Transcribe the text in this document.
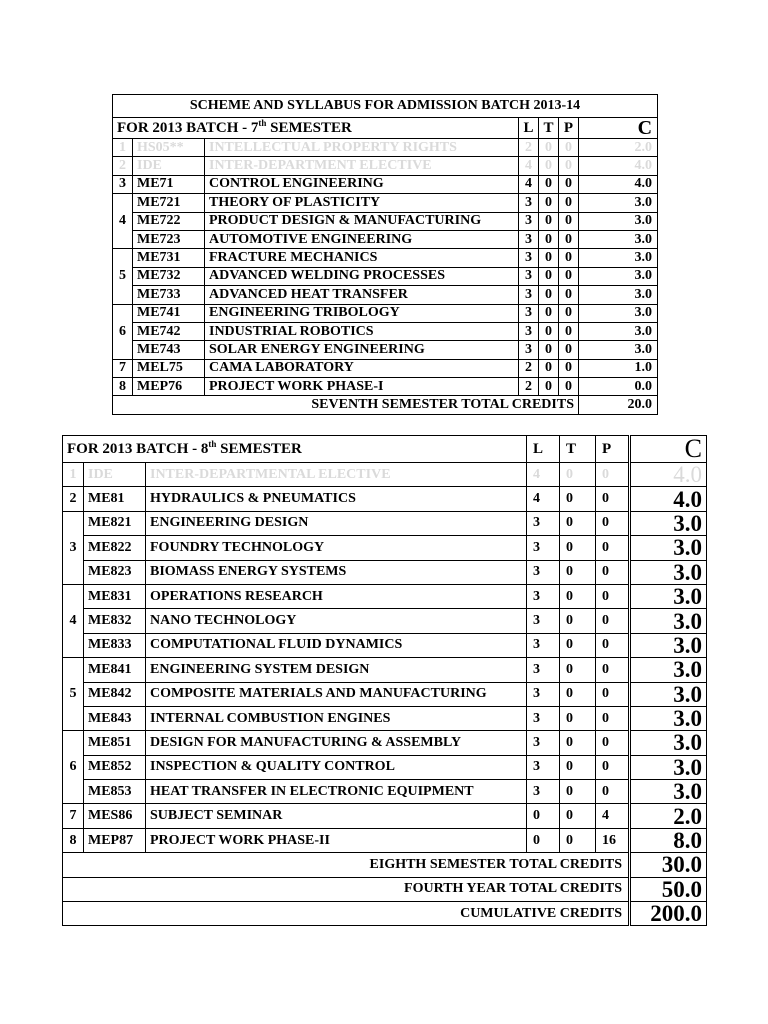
SCHEME AND SYLLABUS FOR ADMISSION BATCH 2013-14						
FOR 2013 BATCH - 7th SEMESTER			L	T	P	C
1	HS05**	INTELLECTUAL PROPERTY RIGHTS	2	0	0	2.0
2	IDE	INTER-DEPARTMENT ELECTIVE	4	0	0	4.0
3	ME71	CONTROL ENGINEERING	4	0	0	4.0
4	ME721	THEORY OF PLASTICITY	3	0	0	3.0
	ME722	PRODUCT DESIGN & MANUFACTURING	3	0	0	3.0
	ME723	AUTOMOTIVE ENGINEERING	3	0	0	3.0
5	ME731	FRACTURE MECHANICS	3	0	0	3.0
	ME732	ADVANCED WELDING PROCESSES	3	0	0	3.0
	ME733	ADVANCED HEAT TRANSFER	3	0	0	3.0
6	ME741	ENGINEERING TRIBOLOGY	3	0	0	3.0
	ME742	INDUSTRIAL ROBOTICS	3	0	0	3.0
	ME743	SOLAR ENERGY ENGINEERING	3	0	0	3.0
7	MEL75	CAMA LABORATORY	2	0	0	1.0
8	MEP76	PROJECT WORK PHASE-I	2	0	0	0.0
SEVENTH SEMESTER TOTAL CREDITS						20.0
FOR 2013 BATCH - 8th SEMESTER			L	T	P	C
1	IDE	INTER-DEPARTMENTAL ELECTIVE	4	0	0	4.0
2	ME81	HYDRAULICS & PNEUMATICS	4	0	0	4.0
3	ME821	ENGINEERING DESIGN	3	0	0	3.0
	ME822	FOUNDRY TECHNOLOGY	3	0	0	3.0
	ME823	BIOMASS ENERGY SYSTEMS	3	0	0	3.0
4	ME831	OPERATIONS RESEARCH	3	0	0	3.0
	ME832	NANO TECHNOLOGY	3	0	0	3.0
	ME833	COMPUTATIONAL FLUID DYNAMICS	3	0	0	3.0
5	ME841	ENGINEERING SYSTEM DESIGN	3	0	0	3.0
	ME842	COMPOSITE MATERIALS AND MANUFACTURING	3	0	0	3.0
	ME843	INTERNAL COMBUSTION ENGINES	3	0	0	3.0
6	ME851	DESIGN FOR MANUFACTURING & ASSEMBLY	3	0	0	3.0
	ME852	INSPECTION & QUALITY CONTROL	3	0	0	3.0
	ME853	HEAT TRANSFER IN ELECTRONIC EQUIPMENT	3	0	0	3.0
7	MES86	SUBJECT SEMINAR	0	0	4	2.0
8	MEP87	PROJECT WORK PHASE-II	0	0	16	8.0
EIGHTH SEMESTER TOTAL CREDITS						30.0
FOURTH YEAR TOTAL CREDITS						50.0
CUMULATIVE CREDITS						200.0
